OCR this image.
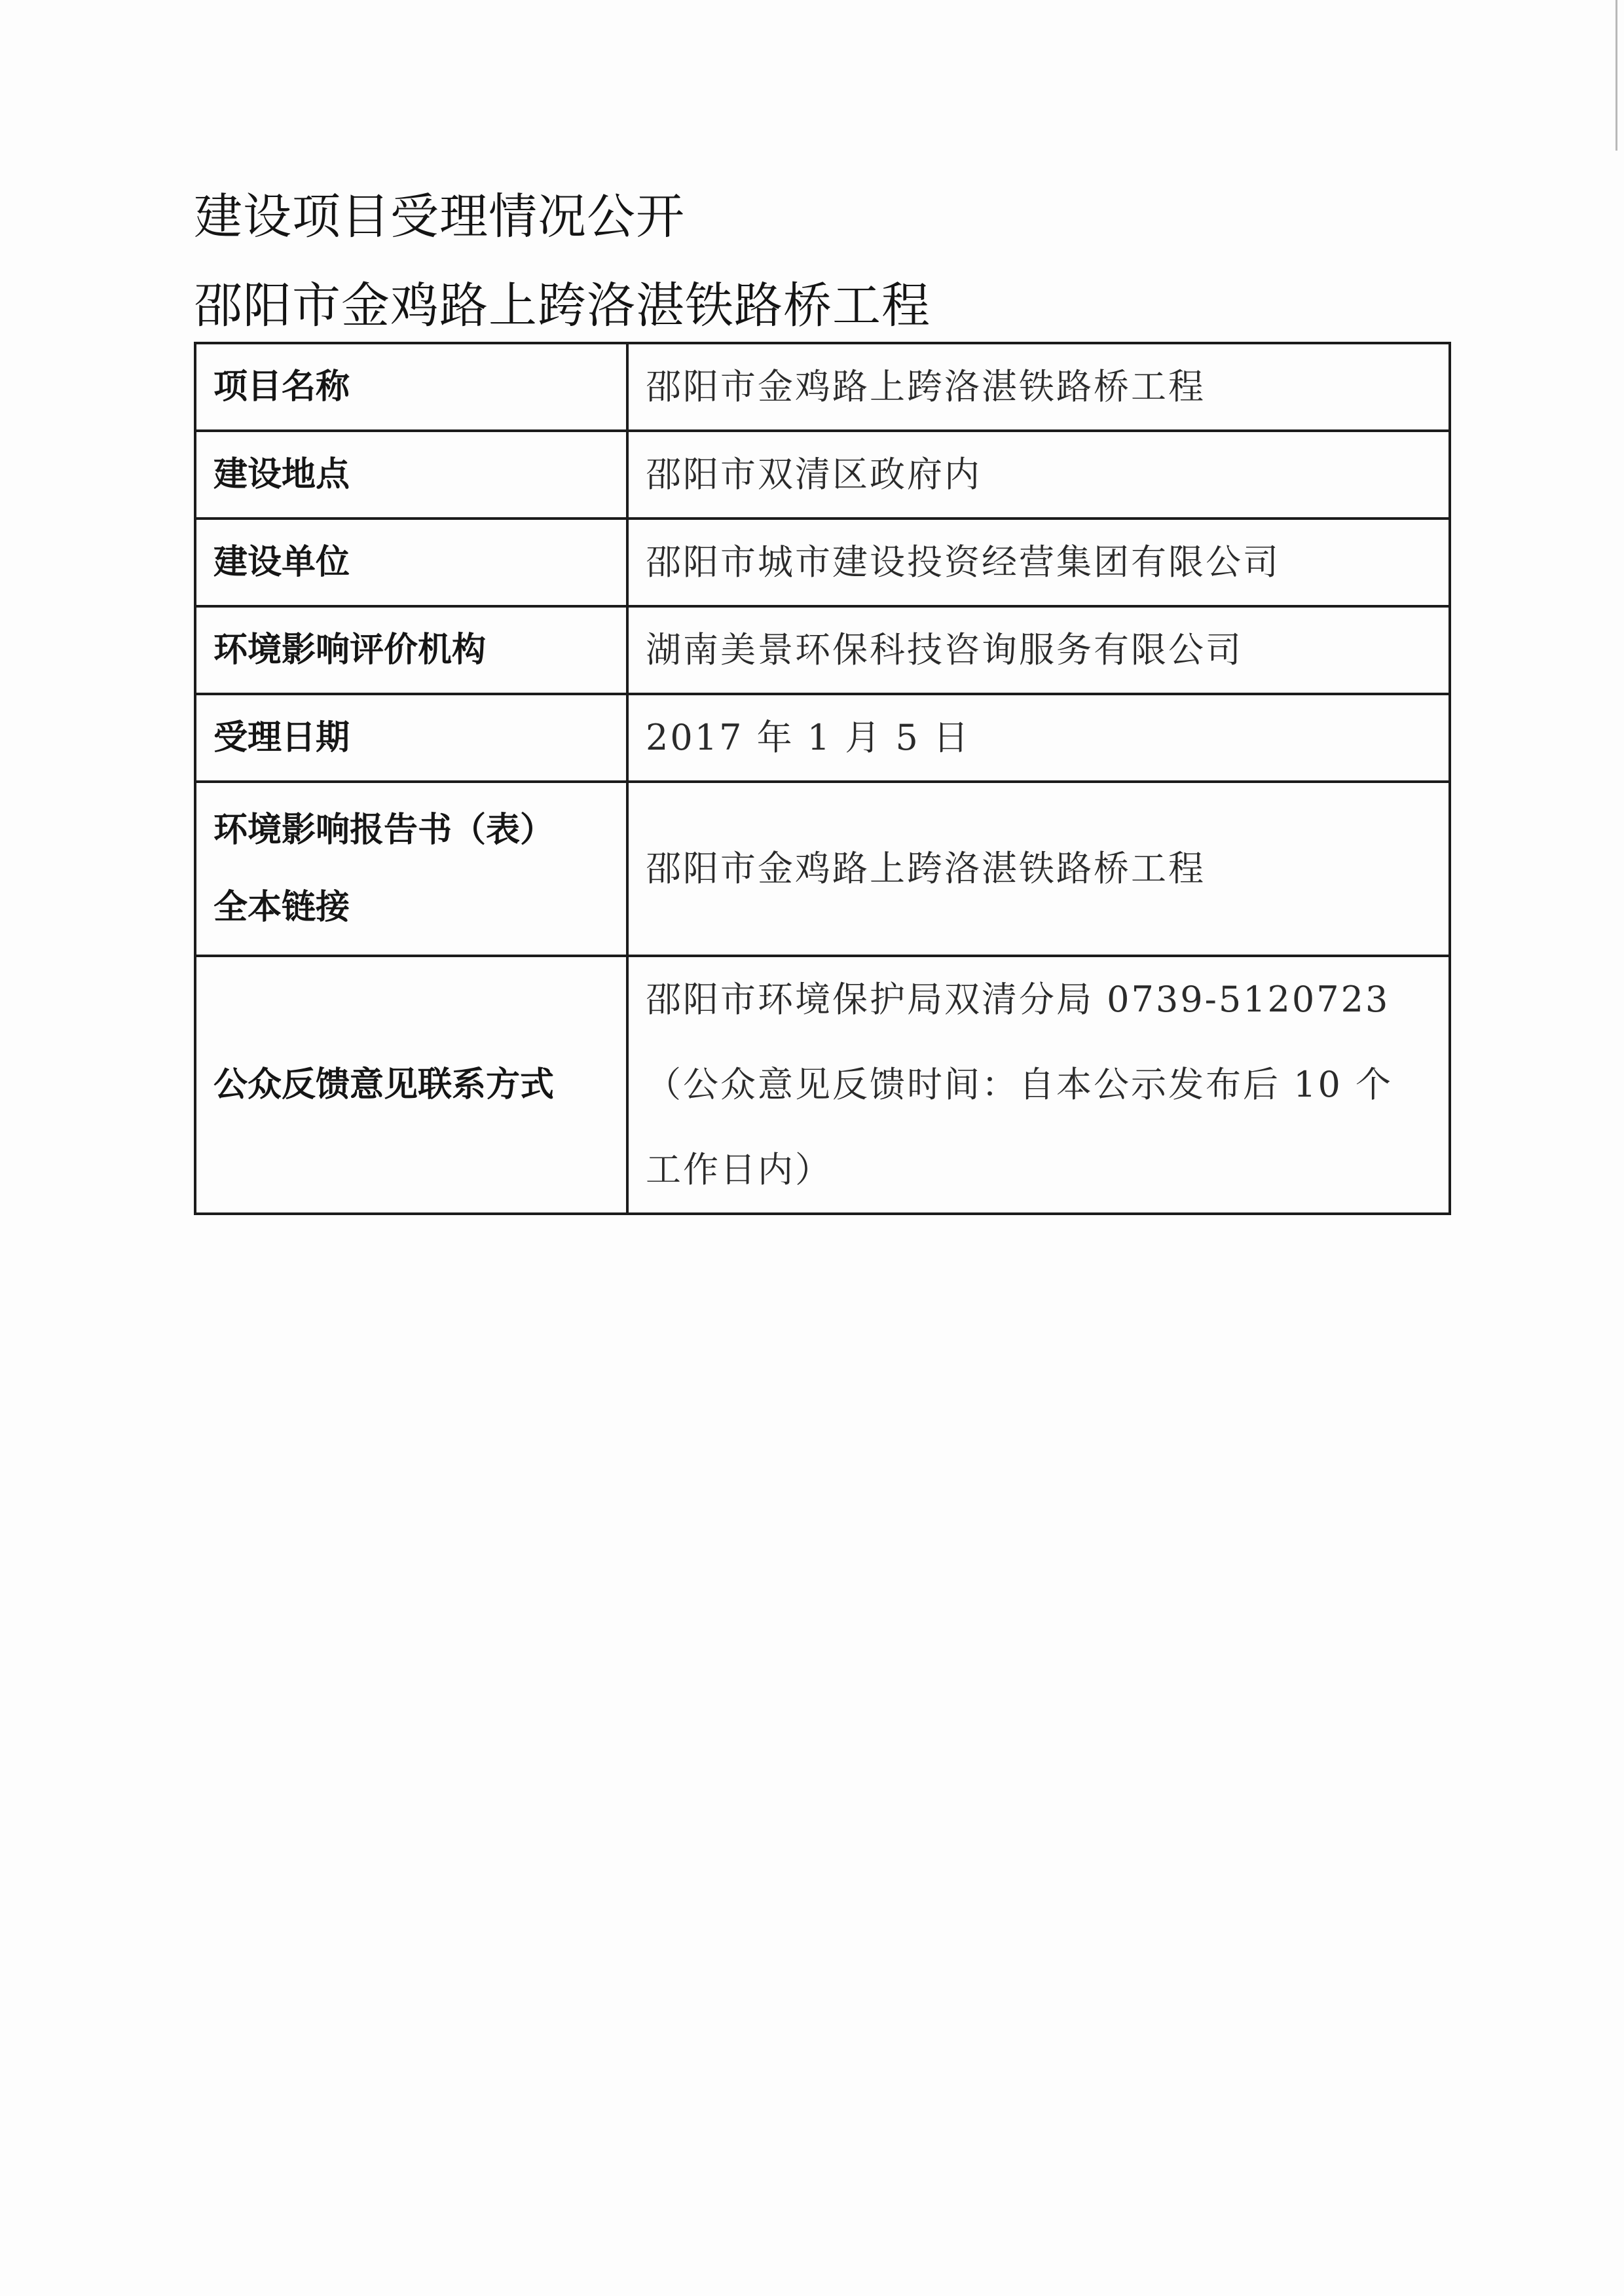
建设项目受理情况公开
邵阳市金鸡路上跨洛湛铁路桥工程
项目名称	邵阳市金鸡路上跨洛湛铁路桥工程
建设地点	邵阳市双清区政府内
建设单位	邵阳市城市建设投资经营集团有限公司
环境影响评价机构	湖南美景环保科技咨询服务有限公司
受理日期	2017 年 1 月 5 日

环境影响报告书（表）
全本链接	邵阳市金鸡路上跨洛湛铁路桥工程
公众反馈意见联系方式	邵阳市环境保护局双清分局 0739-5120723
（公众意见反馈时间：自本公示发布后 10 个
工作日内）
